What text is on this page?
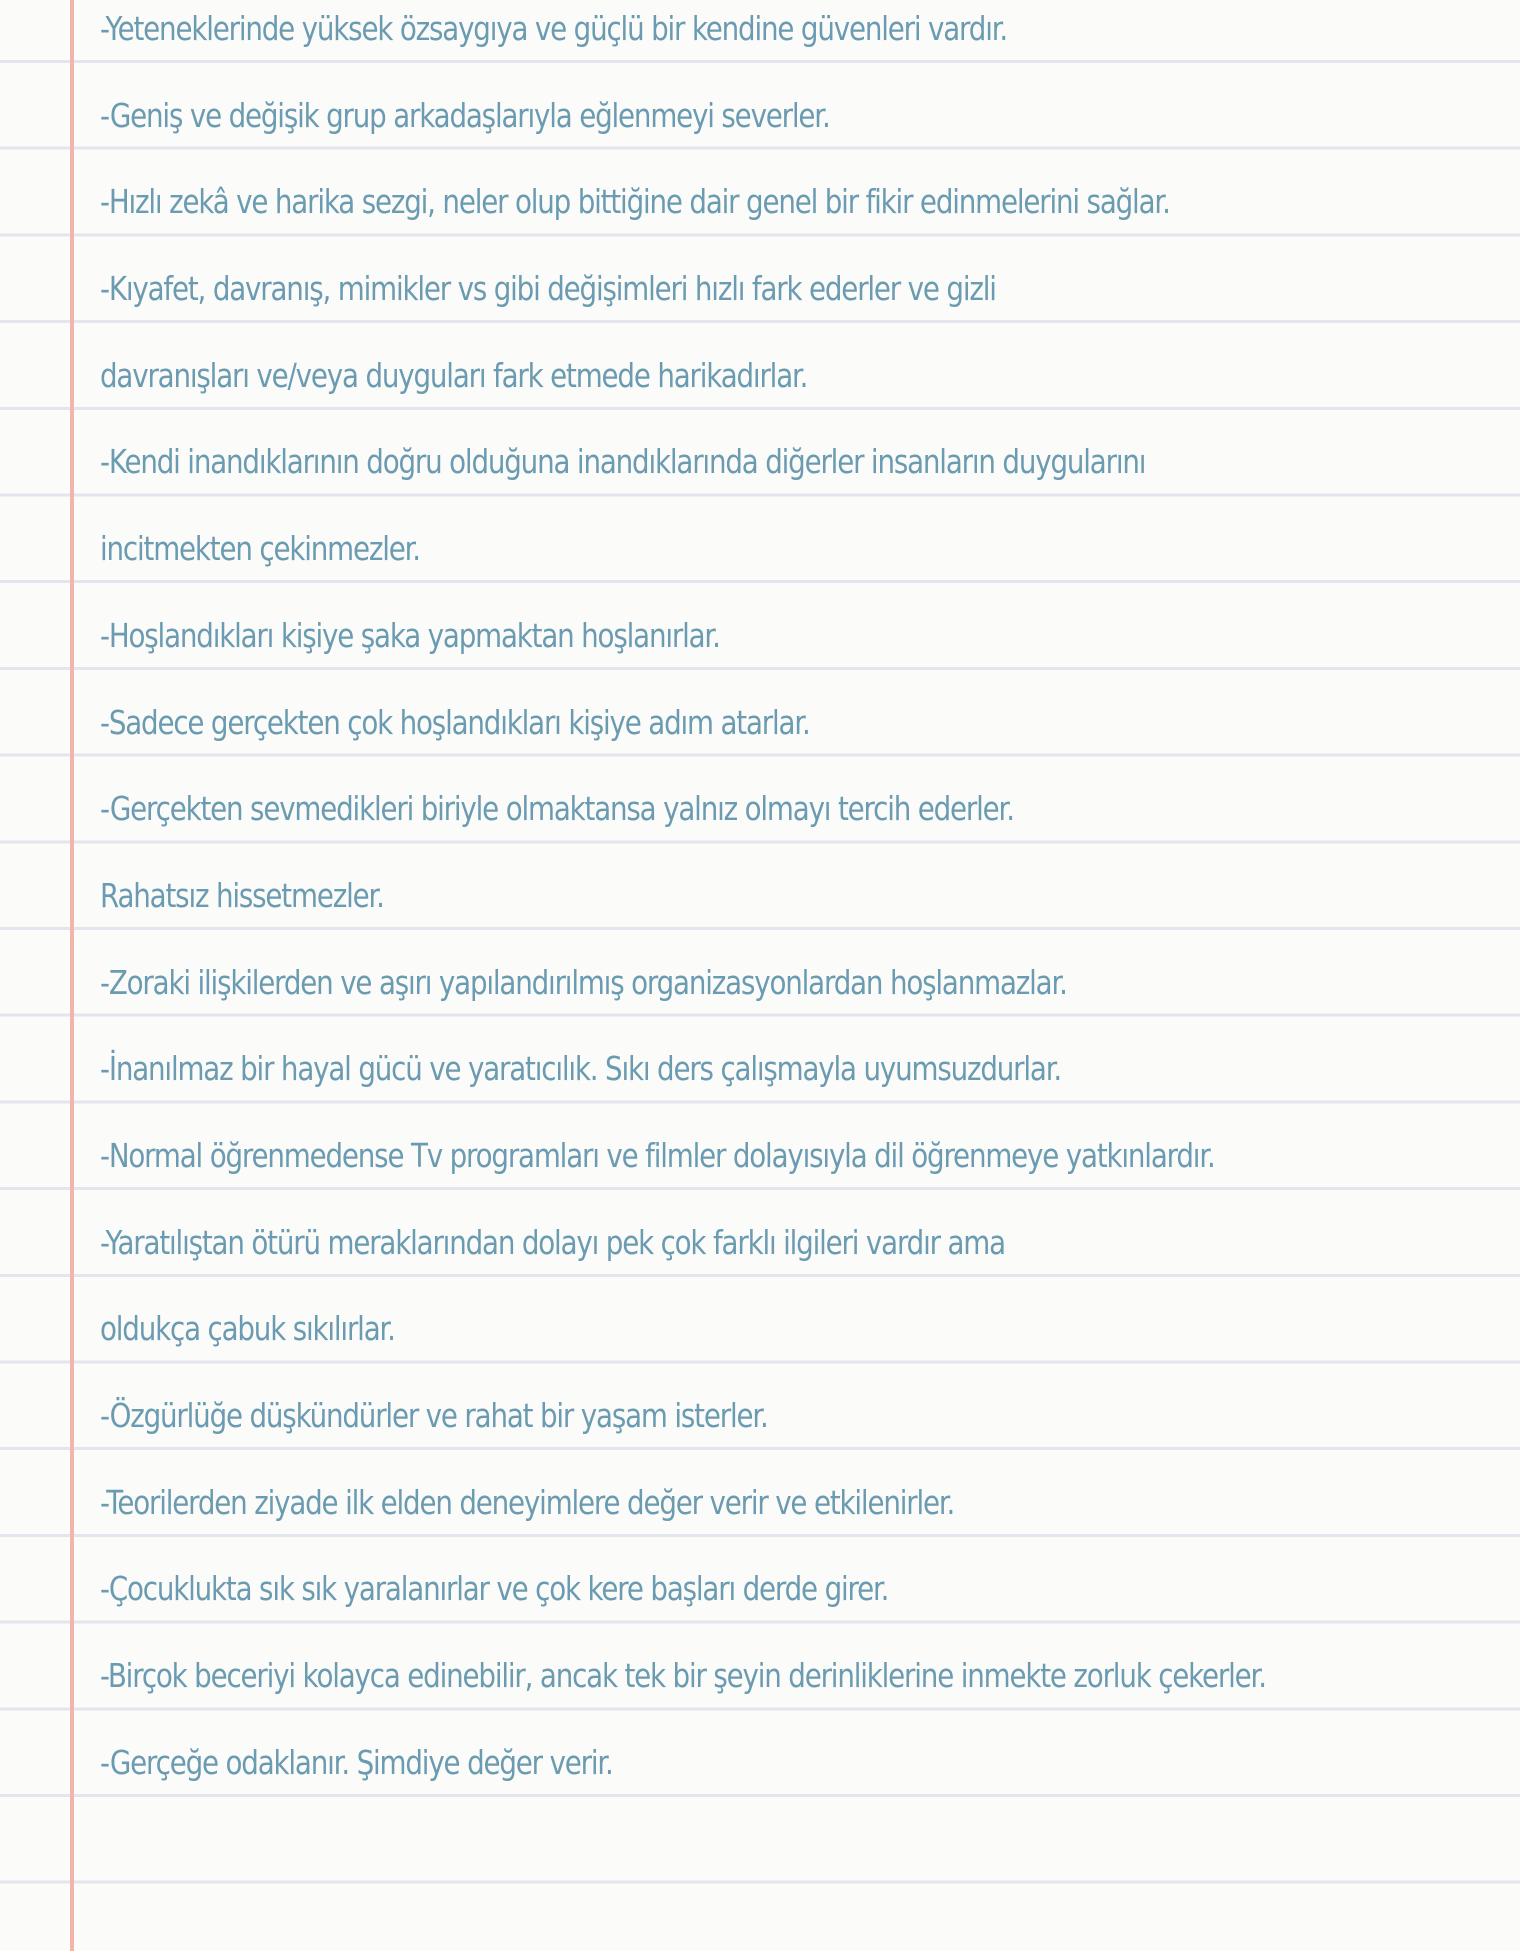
-Yeteneklerinde yüksek özsaygıya ve güçlü bir kendine güvenleri vardır.
-Geniş ve değişik grup arkadaşlarıyla eğlenmeyi severler.
-Hızlı zekâ ve harika sezgi, neler olup bittiğine dair genel bir fikir edinmelerini sağlar.
-Kıyafet, davranış, mimikler vs gibi değişimleri hızlı fark ederler ve gizli
davranışları ve/veya duyguları fark etmede harikadırlar.
-Kendi inandıklarının doğru olduğuna inandıklarında diğerler insanların duygularını
incitmekten çekinmezler.
-Hoşlandıkları kişiye şaka yapmaktan hoşlanırlar.
-Sadece gerçekten çok hoşlandıkları kişiye adım atarlar.
-Gerçekten sevmedikleri biriyle olmaktansa yalnız olmayı tercih ederler.
Rahatsız hissetmezler.
-Zoraki ilişkilerden ve aşırı yapılandırılmış organizasyonlardan hoşlanmazlar.
-İnanılmaz bir hayal gücü ve yaratıcılık. Sıkı ders çalışmayla uyumsuzdurlar.
-Normal öğrenmedense Tv programları ve filmler dolayısıyla dil öğrenmeye yatkınlardır.
-Yaratılıştan ötürü meraklarından dolayı pek çok farklı ilgileri vardır ama
oldukça çabuk sıkılırlar.
-Özgürlüğe düşkündürler ve rahat bir yaşam isterler.
-Teorilerden ziyade ilk elden deneyimlere değer verir ve etkilenirler.
-Çocuklukta sık sık yaralanırlar ve çok kere başları derde girer.
-Birçok beceriyi kolayca edinebilir, ancak tek bir şeyin derinliklerine inmekte zorluk çekerler.
-Gerçeğe odaklanır. Şimdiye değer verir.
